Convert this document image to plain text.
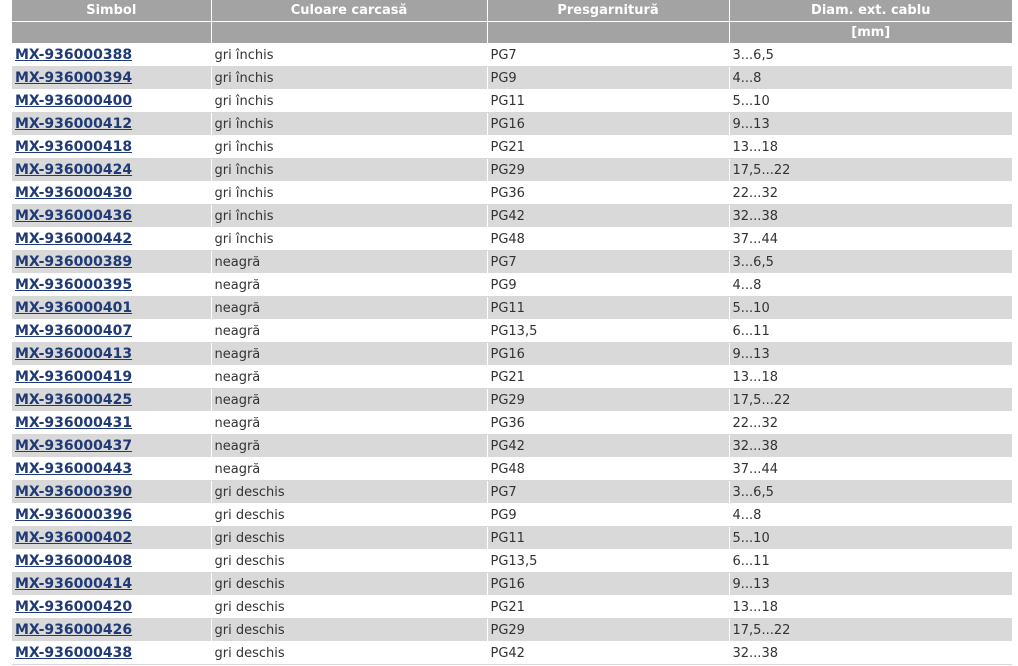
Simbol	Culoare carcasă	Presgarnitură	Diam. ext. cablu
			[mm]
MX-936000388	gri închis	PG7	3...6,5
MX-936000394	gri închis	PG9	4...8
MX-936000400	gri închis	PG11	5...10
MX-936000412	gri închis	PG16	9...13
MX-936000418	gri închis	PG21	13...18
MX-936000424	gri închis	PG29	17,5...22
MX-936000430	gri închis	PG36	22...32
MX-936000436	gri închis	PG42	32...38
MX-936000442	gri închis	PG48	37...44
MX-936000389	neagră	PG7	3...6,5
MX-936000395	neagră	PG9	4...8
MX-936000401	neagră	PG11	5...10
MX-936000407	neagră	PG13,5	6...11
MX-936000413	neagră	PG16	9...13
MX-936000419	neagră	PG21	13...18
MX-936000425	neagră	PG29	17,5...22
MX-936000431	neagră	PG36	22...32
MX-936000437	neagră	PG42	32...38
MX-936000443	neagră	PG48	37...44
MX-936000390	gri deschis	PG7	3...6,5
MX-936000396	gri deschis	PG9	4...8
MX-936000402	gri deschis	PG11	5...10
MX-936000408	gri deschis	PG13,5	6...11
MX-936000414	gri deschis	PG16	9...13
MX-936000420	gri deschis	PG21	13...18
MX-936000426	gri deschis	PG29	17,5...22
MX-936000438	gri deschis	PG42	32...38
